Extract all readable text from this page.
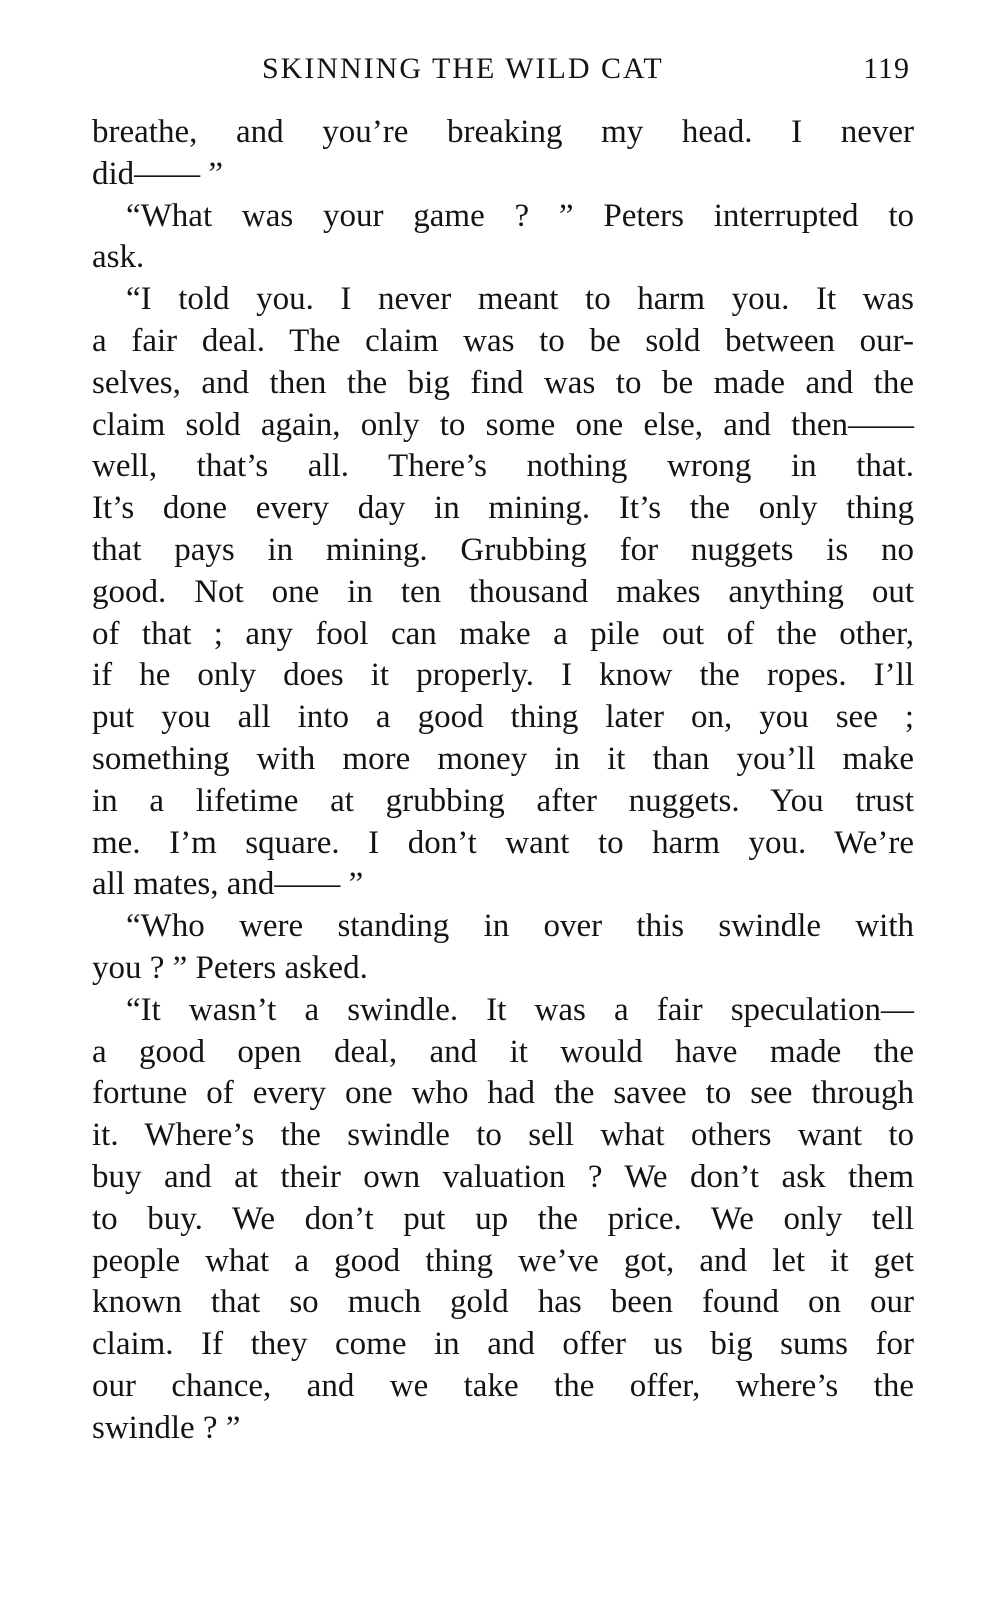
SKINNING THE WILD CAT	119
breathe, and you’re breaking my head. I never
did—— ”
“What was your game ? ” Peters interrupted to
ask.
“I told you. I never meant to harm you. It was
a fair deal. The claim was to be sold between our-
selves, and then the big find was to be made and the
claim sold again, only to some one else, and then——
well, that’s all. There’s nothing wrong in that.
It’s done every day in mining. It’s the only thing
that pays in mining. Grubbing for nuggets is no
good. Not one in ten thousand makes anything out
of that ; any fool can make a pile out of the other,
if he only does it properly. I know the ropes. I’ll
put you all into a good thing later on, you see ;
something with more money in it than you’ll make
in a lifetime at grubbing after nuggets. You trust
me. I’m square. I don’t want to harm you. We’re
all mates, and—— ”
“Who were standing in over this swindle with
you ? ” Peters asked.
“It wasn’t a swindle. It was a fair speculation—
a good open deal, and it would have made the
fortune of every one who had the savee to see through
it. Where’s the swindle to sell what others want to
buy and at their own valuation ? We don’t ask them
to buy. We don’t put up the price. We only tell
people what a good thing we’ve got, and let it get
known that so much gold has been found on our
claim. If they come in and offer us big sums for
our chance, and we take the offer, where’s the
swindle ? ”
